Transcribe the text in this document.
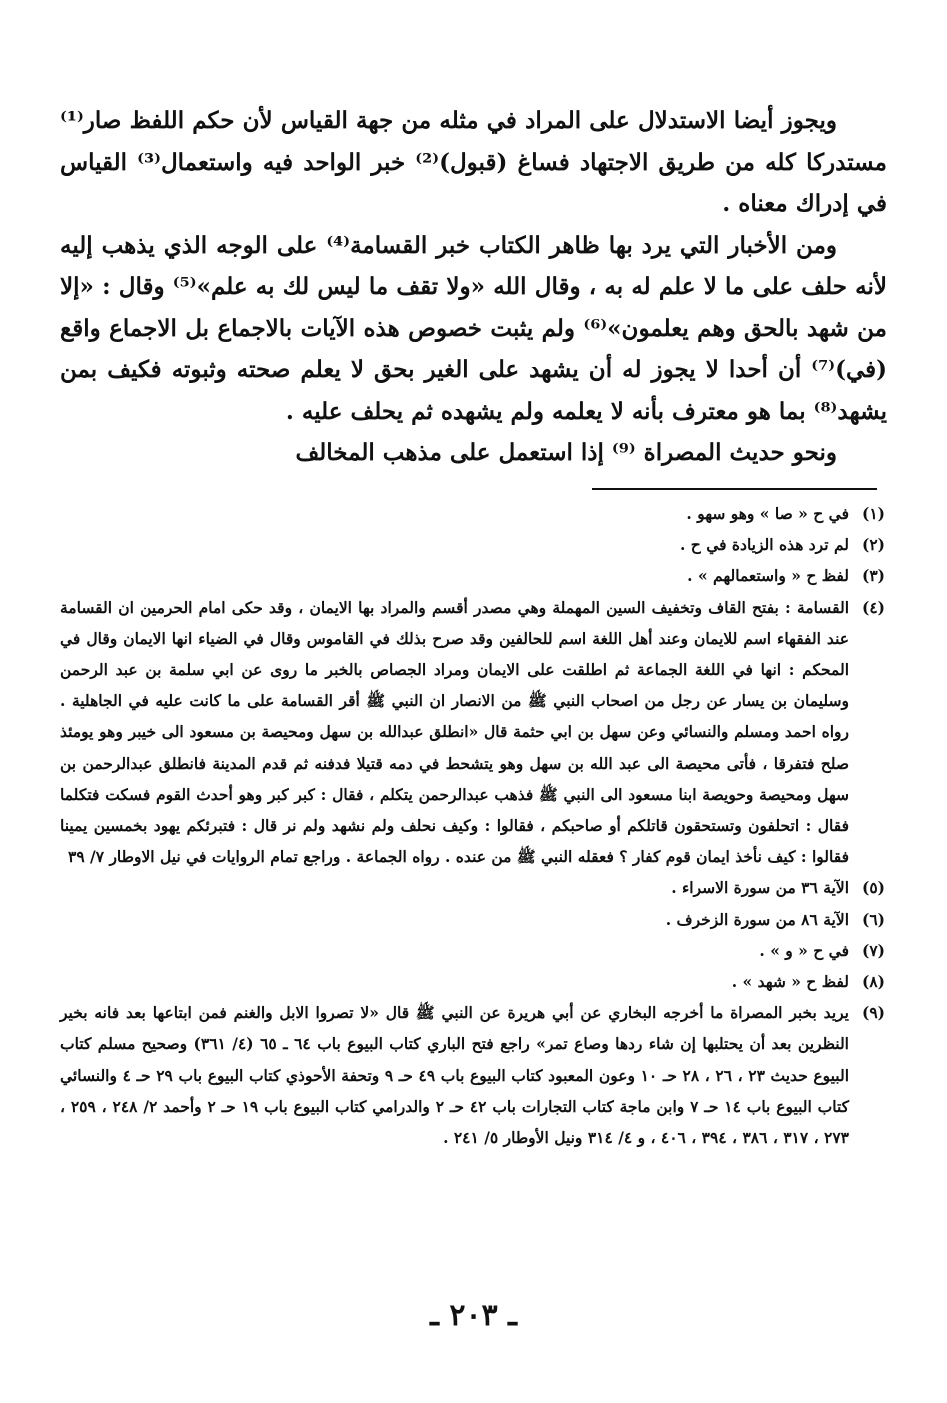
ويجوز أيضا الاستدلال على المراد في مثله من جهة القياس لأن حكم اللفظ صار⁽¹⁾ مستدركا كله من طريق الاجتهاد فساغ (قبول)⁽²⁾ خبر الواحد فيه واستعمال⁽³⁾ القياس في إدراك معناه .

ومن الأخبار التي يرد بها ظاهر الكتاب خبر القسامة⁽⁴⁾ على الوجه الذي يذهب إليه لأنه حلف على ما لا علم له به ، وقال الله «ولا تقف ما ليس لك به علم»⁽⁵⁾ وقال : «إلا من شهد بالحق وهم يعلمون»⁽⁶⁾ ولم يثبت خصوص هذه الآيات بالاجماع بل الاجماع واقع (في)⁽⁷⁾ أن أحدا لا يجوز له أن يشهد على الغير بحق لا يعلم صحته وثبوته فكيف بمن يشهد⁽⁸⁾ بما هو معترف بأنه لا يعلمه ولم يشهده ثم يحلف عليه .

ونحو حديث المصراة ⁽⁹⁾ إذا استعمل على مذهب المخالف

(١)
في ح « صا » وهو سهو .
(٢)
لم ترد هذه الزيادة في ح .
(٣)
لفظ ح « واستعمالهم » .
(٤)
القسامة : بفتح القاف وتخفيف السين المهملة وهي مصدر أقسم والمراد بها الايمان ، وقد حكى امام الحرمين ان القسامة عند الفقهاء اسم للايمان وعند أهل اللغة اسم للحالفين وقد صرح بذلك في القاموس وقال في الضياء انها الايمان وقال في المحكم : انها في اللغة الجماعة ثم اطلقت على الايمان ومراد الجصاص بالخبر ما روى عن ابي سلمة بن عبد الرحمن وسليمان بن يسار عن رجل من اصحاب النبي ﷺ من الانصار ان النبي ﷺ أقر القسامة على ما كانت عليه في الجاهلية . رواه احمد ومسلم والنسائي وعن سهل بن ابي حثمة قال «انطلق عبدالله بن سهل ومحيصة بن مسعود الى خيبر وهو يومئذ صلح فتفرقا ، فأتى محيصة الى عبد الله بن سهل وهو يتشحط في دمه قتيلا فدفنه ثم قدم المدينة فانطلق عبدالرحمن بن سهل ومحيصة وحويصة ابنا مسعود الى النبي ﷺ فذهب عبدالرحمن يتكلم ، فقال : كبر كبر وهو أحدث القوم فسكت فتكلما فقال : اتحلفون وتستحقون قاتلكم أو صاحبكم ، فقالوا : وكيف نحلف ولم نشهد ولم نر قال : فتبرئكم يهود بخمسين يمينا فقالوا : كيف نأخذ ايمان قوم كفار ؟ فعقله النبي ﷺ من عنده . رواه الجماعة . وراجع تمام الروايات في نيل الاوطار ٧/ ٣٩
(٥)
الآية ٣٦ من سورة الاسراء .
(٦)
الآية ٨٦ من سورة الزخرف .
(٧)
في ح « و » .
(٨)
لفظ ح « شهد » .
(٩)
يريد بخبر المصراة ما أخرجه البخاري عن أبي هريرة عن النبي ﷺ قال «لا تصروا الابل والغنم فمن ابتاعها بعد فانه بخير النظرين بعد أن يحتلبها إن شاء ردها وصاع تمر» راجع فتح الباري كتاب البيوع باب ٦٤ ـ ٦٥ (٤/ ٣٦١) وصحيح مسلم كتاب البيوع حديث ٢٣ ، ٢٦ ، ٢٨ حـ ١٠ وعون المعبود كتاب البيوع باب ٤٩ حـ ٩ وتحفة الأحوذي كتاب البيوع باب ٢٩ حـ ٤ والنسائي كتاب البيوع باب ١٤ حـ ٧ وابن ماجة كتاب التجارات باب ٤٢ حـ ٢ والدرامي كتاب البيوع باب ١٩ حـ ٢ وأحمد ٢/ ٢٤٨ ، ٢٥٩ ، ٢٧٣ ، ٣١٧ ، ٣٨٦ ، ٣٩٤ ، ٤٠٦ ، و ٤/ ٣١٤ ونيل الأوطار ٥/ ٢٤١ .
ـ ٢٠٣ ـ
